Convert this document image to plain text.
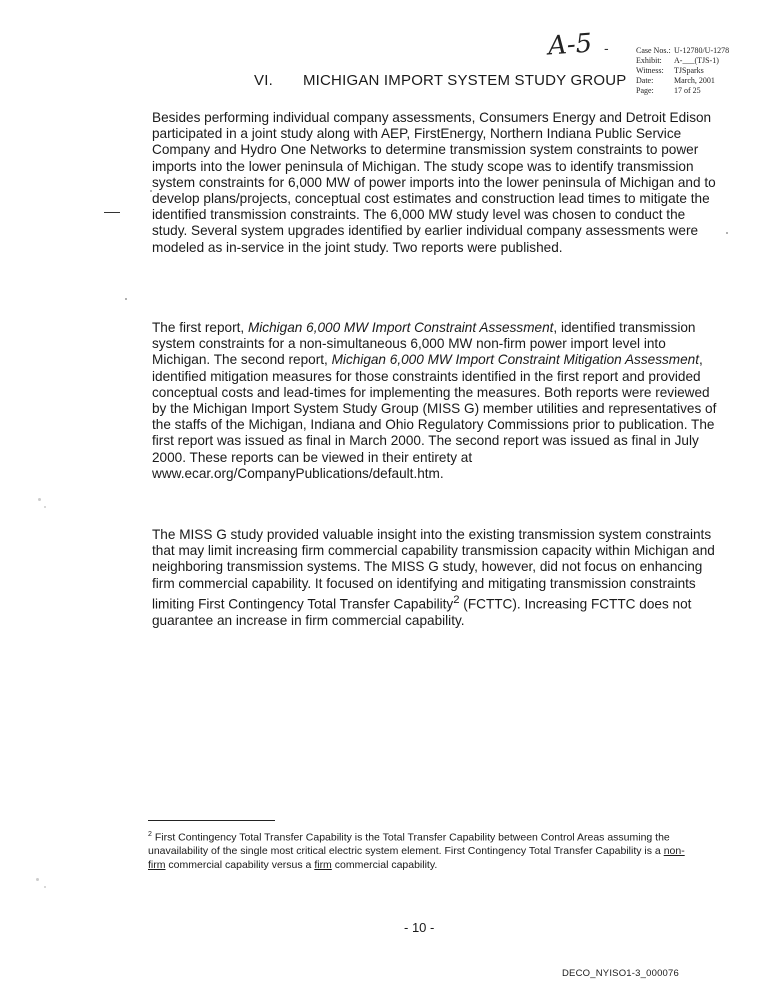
A-5 -	Case Nos.: U-12780/U-1278
Exhibit:	A-___(TJS-1)
Witness:	TJSparks
Date:	March, 2001
Page:	17 of 25
VI. MICHIGAN IMPORT SYSTEM STUDY GROUP

Besides performing individual company assessments, Consumers Energy and Detroit Edison participated in a joint study along with AEP, FirstEnergy, Northern Indiana Public Service Company and Hydro One Networks to determine transmission system constraints to power imports into the lower peninsula of Michigan. The study scope was to identify transmission system constraints for 6,000 MW of power imports into the lower peninsula of Michigan and to develop plans/projects, conceptual cost estimates and construction lead times to mitigate the identified transmission constraints. The 6,000 MW study level was chosen to conduct the study. Several system upgrades identified by earlier individual company assessments were modeled as in-service in the joint study. Two reports were published.

The first report, Michigan 6,000 MW Import Constraint Assessment, identified transmission system constraints for a non-simultaneous 6,000 MW non-firm power import level into Michigan. The second report, Michigan 6,000 MW Import Constraint Mitigation Assessment, identified mitigation measures for those constraints identified in the first report and provided conceptual costs and lead-times for implementing the measures. Both reports were reviewed by the Michigan Import System Study Group (MISS G) member utilities and representatives of the staffs of the Michigan, Indiana and Ohio Regulatory Commissions prior to publication. The first report was issued as final in March 2000. The second report was issued as final in July 2000. These reports can be viewed in their entirety at www.ecar.org/CompanyPublications/default.htm.

The MISS G study provided valuable insight into the existing transmission system constraints that may limit increasing firm commercial capability transmission capacity within Michigan and neighboring transmission systems. The MISS G study, however, did not focus on enhancing firm commercial capability. It focused on identifying and mitigating transmission constraints limiting First Contingency Total Transfer Capability$^2$ (FCTTC). Increasing FCTTC does not guarantee an increase in firm commercial capability.

$^2$ First Contingency Total Transfer Capability is the Total Transfer Capability between Control Areas assuming the unavailability of the single most critical electric system element. First Contingency Total Transfer Capability is a non-firm commercial capability versus a firm commercial capability.

- 10 -
DECO_NYISO1-3_000076
